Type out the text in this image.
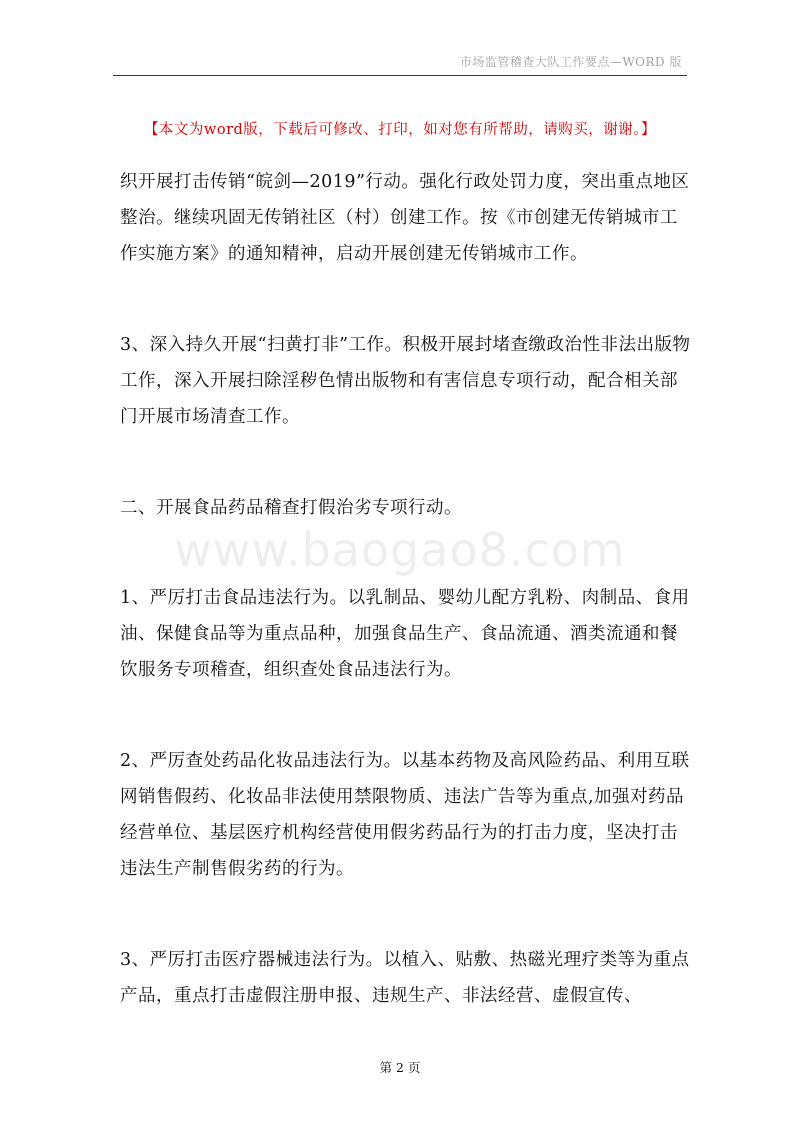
市场监管稽查大队工作要点—WORD 版
【本文为word版，下载后可修改、打印，如对您有所帮助，请购买，谢谢。】

织开展打击传销“皖剑—2019”行动。强化行政处罚力度，突出重点地区整治。继续巩固无传销社区（村）创建工作。按《市创建无传销城市工作实施方案》的通知精神，启动开展创建无传销城市工作。

3、深入持久开展“扫黄打非”工作。积极开展封堵查缴政治性非法出版物工作，深入开展扫除淫秽色情出版物和有害信息专项行动，配合相关部门开展市场清查工作。

二、开展食品药品稽查打假治劣专项行动。

www.baogao8.com

1、严厉打击食品违法行为。以乳制品、婴幼儿配方乳粉、肉制品、食用油、保健食品等为重点品种，加强食品生产、食品流通、酒类流通和餐饮服务专项稽查，组织查处食品违法行为。

2、严厉查处药品化妆品违法行为。以基本药物及高风险药品、利用互联网销售假药、化妆品非法使用禁限物质、违法广告等为重点,加强对药品经营单位、基层医疗机构经营使用假劣药品行为的打击力度，坚决打击违法生产制售假劣药的行为。

3、严厉打击医疗器械违法行为。以植入、贴敷、热磁光理疗类等为重点产品，重点打击虚假注册申报、违规生产、非法经营、虚假宣传、

第 2 页
